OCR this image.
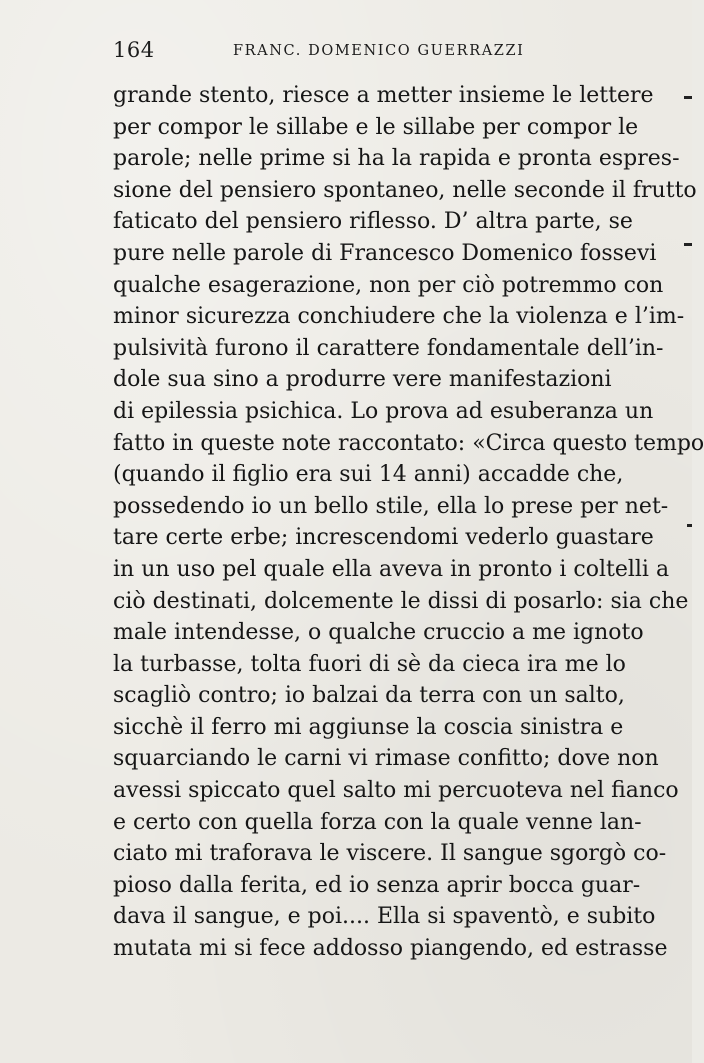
164	FRANC. DOMENICO GUERRAZZI
grande stento, riesce a metter insieme le lettere
per compor le sillabe e le sillabe per compor le
parole; nelle prime si ha la rapida e pronta espres-
sione del pensiero spontaneo, nelle seconde il frutto
faticato del pensiero riflesso. D’ altra parte, se
pure nelle parole di Francesco Domenico fossevi
qualche esagerazione, non per ciò potremmo con
minor sicurezza conchiudere che la violenza e l’im-
pulsività furono il carattere fondamentale dell’in-
dole sua sino a produrre vere manifestazioni
di epilessia psichica. Lo prova ad esuberanza un
fatto in queste note raccontato: «Circa questo tempo
(quando il figlio era sui 14 anni) accadde che,
possedendo io un bello stile, ella lo prese per net-
tare certe erbe; increscendomi vederlo guastare
in un uso pel quale ella aveva in pronto i coltelli a
ciò destinati, dolcemente le dissi di posarlo: sia che
male intendesse, o qualche cruccio a me ignoto
la turbasse, tolta fuori di sè da cieca ira me lo
scagliò contro; io balzai da terra con un salto,
sicchè il ferro mi aggiunse la coscia sinistra e
squarciando le carni vi rimase confitto; dove non
avessi spiccato quel salto mi percuoteva nel fianco
e certo con quella forza con la quale venne lan-
ciato mi traforava le viscere. Il sangue sgorgò co-
pioso dalla ferita, ed io senza aprir bocca guar-
dava il sangue, e poi.... Ella si spaventò, e subito
mutata mi si fece addosso piangendo, ed estrasse
